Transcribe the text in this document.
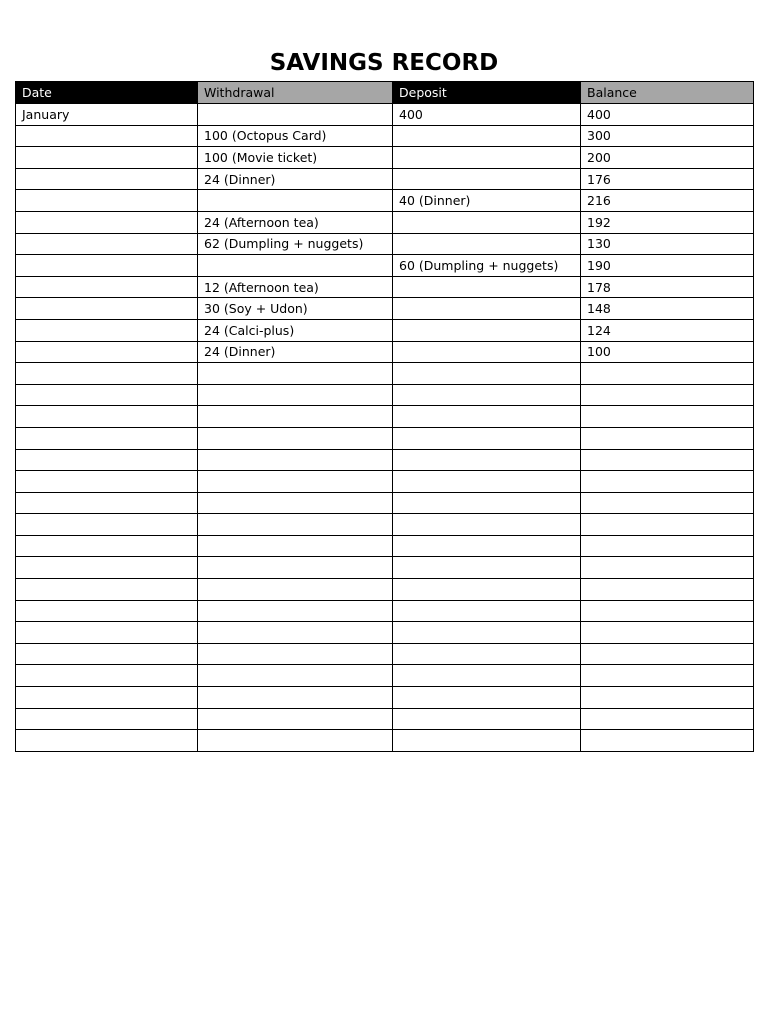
SAVINGS RECORD
Date	Withdrawal	Deposit	Balance
January		400	400
	100 (Octopus Card)		300
	100 (Movie ticket)		200
	24 (Dinner)		176
		40 (Dinner)	216
	24 (Afternoon tea)		192
	62 (Dumpling + nuggets)		130
		60 (Dumpling + nuggets)	190
	12 (Afternoon tea)		178
	30 (Soy + Udon)		148
	24 (Calci-plus)		124
	24 (Dinner)		100
